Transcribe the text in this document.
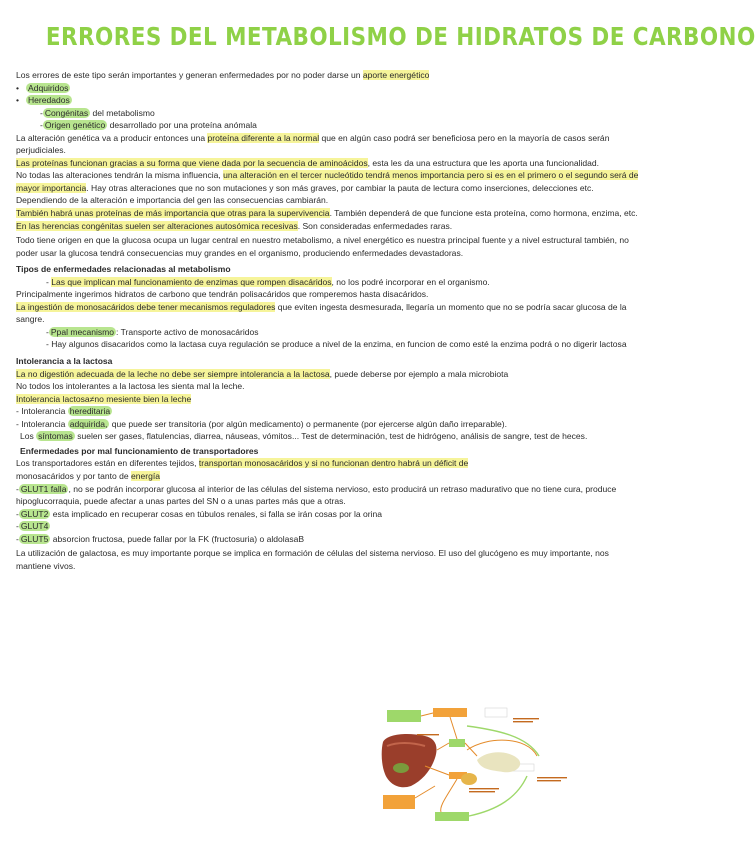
ERRORES DEL METABOLISMO DE HIDRATOS DE CARBONO

Los errores de este tipo serán importantes y generan enfermedades por no poder darse un aporte energético

• Adquiridos

• Heredados

- Congénitas del metabolismo

- Origen genético desarrollado por una proteína anómala

La alteración genética va a producir entonces una proteína diferente a la normal que en algún caso podrá ser beneficiosa pero en la mayoría de casos serán perjudiciales.

Las proteínas funcionan gracias a su forma que viene dada por la secuencia de aminoácidos, esta les da una estructura que les aporta una funcionalidad.

No todas las alteraciones tendrán la misma influencia, una alteración en el tercer nucleótido tendrá menos importancia pero si es en el primero o el segundo será de mayor importancia. Hay otras alteraciones que no son mutaciones y son más graves, por cambiar la pauta de lectura como inserciones, delecciones etc. Dependiendo de la alteración e importancia del gen las consecuencias cambiarán.

También habrá unas proteínas de más importancia que otras para la supervivencia. También dependerá de que funcione esta proteína, como hormona, enzima, etc.

En las herencias congénitas suelen ser alteraciones autosómica recesivas. Son consideradas enfermedades raras.

Todo tiene origen en que la glucosa ocupa un lugar central en nuestro metabolismo, a nivel energético es nuestra principal fuente y a nivel estructural también, no poder usar la glucosa tendrá consecuencias muy grandes en el organismo, produciendo enfermedades devastadoras.

Tipos de enfermedades relacionadas al metabolismo

- Las que implican mal funcionamiento de enzimas que rompen disacáridos, no los podré incorporar en el organismo.

Principalmente ingerimos hidratos de carbono que tendrán polisacáridos que romperemos hasta disacáridos.

La ingestión de monosacáridos debe tener mecanismos reguladores que eviten ingesta desmesurada, llegaría un momento que no se podría sacar glucosa de la sangre.

- Ppal mecanismo : Transporte activo de monosacáridos

- Hay algunos disacaridos como la lactasa cuya regulación se produce a nivel de la enzima, en funcion de como esté la enzima podrá o no digerir lactosa

Intolerancia a la lactosa

La no digestión adecuada de la leche no debe ser siempre intolerancia a la lactosa, puede deberse por ejemplo a mala microbiota

No todos los intolerantes a la lactosa les sienta mal la leche.

Intolerancia lactosa≠no mesiente bien la leche

- Intolerancia hereditaria

- Intolerancia adquirida, que puede ser transitoria (por algún medicamento) o permanente (por ejercerse algún daño irreparable).

Los síntomas suelen ser gases, flatulencias, diarrea, náuseas, vómitos... Test de determinación, test de hidrógeno, análisis de sangre, test de heces.

Enfermedades por mal funcionamiento de transportadores

Los transportadores están en diferentes tejidos, transportan monosacáridos y si no funcionan dentro habrá un déficit de

monosacáridos y por tanto de energía

- GLUT1 falla , no se podrán incorporar glucosa al interior de las células del sistema nervioso, esto producirá un retraso madurativo que no tiene cura, produce hipoglucorraquia, puede afectar a unas partes del SN o a unas partes más que a otras.

- GLUT2 esta implicado en recuperar cosas en túbulos renales, si falla se irán cosas por la orina

- GLUT4

- GLUT5 absorcion fructosa, puede fallar por la FK (fructosuria) o aldolasaB

La utilización de galactosa, es muy importante porque se implica en formación de células del sistema nervioso. El uso del glucógeno es muy importante, nos mantiene vivos.
